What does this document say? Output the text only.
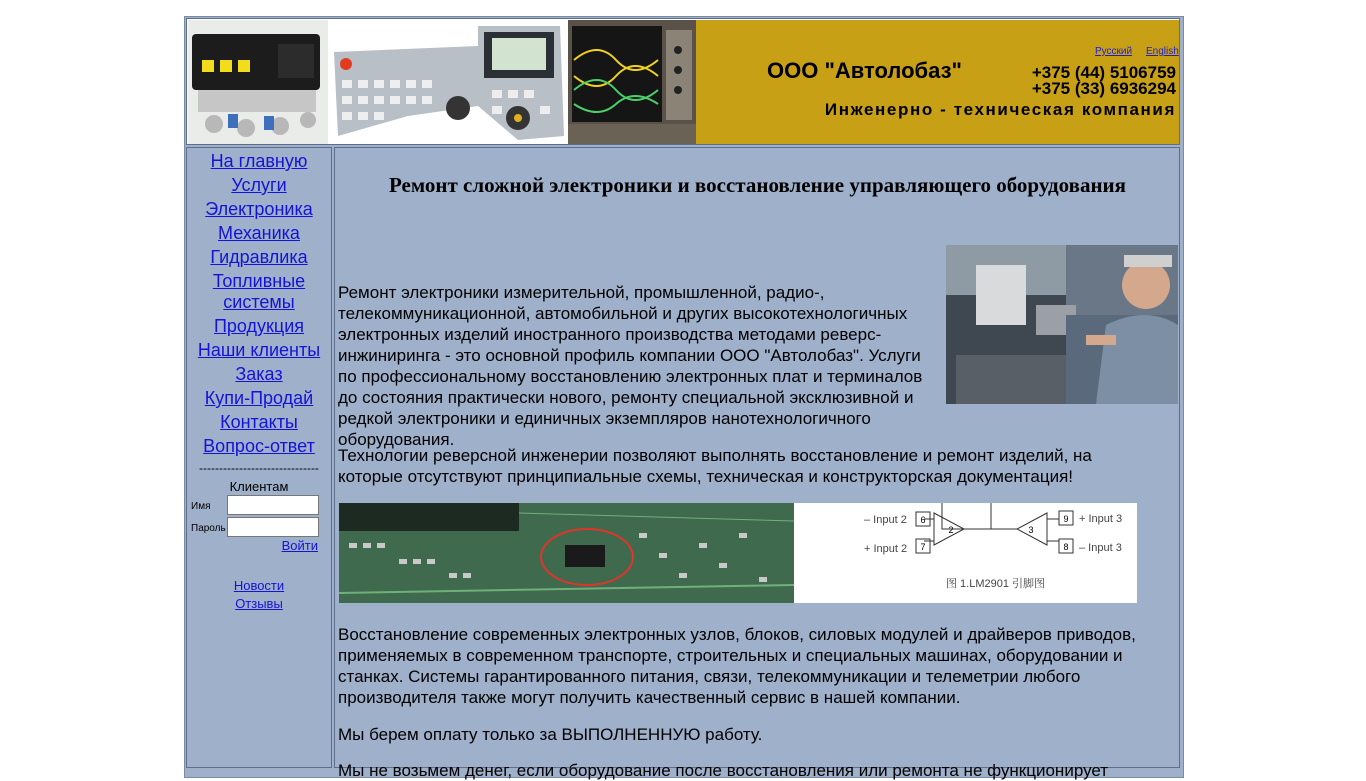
Русский English
ООО "Автолобаз"	+375 (44) 5106759
+375 (33) 6936294
Инженерно - техническая компания
На главную
Услуги
Электроника
Механика
Гидравлика
Топливные системы
Продукция
Наши клиенты
Заказ
Купи-Продай
Контакты
Вопрос-ответ
------------------------------
Клиентам
Имя
Пароль
Войти
Новости
Отзывы
Ремонт сложной электроники и восстановление управляющего оборудования

Ремонт электроники измерительной, промышленной, радио-, телекоммуникационной, автомобильной и других высокотехнологичных электронных изделий иностранного производства методами реверс-инжиниринга - это основной профиль компании ООО "Автолобаз". Услуги по профессиональному восстановлению электронных плат и терминалов до состояния практически нового, ремонту специальной эксклюзивной и редкой электроники и единичных экземпляров нанотехнологичного оборудования.

Технологии реверсной инженерии позволяют выполнять восстановление и ремонт изделий, на которые отсутствуют принципиальные схемы, техническая и конструкторская документация!

6
7
9
8
2	3
– Input 2
+ Input 2
+ Input 3
– Input 3
图 1.LM2901 引脚图

Восстановление современных электронных узлов, блоков, силовых модулей и драйверов приводов, применяемых в современном транспорте, строительных и специальных машинах, оборудовании и станках. Системы гарантированного питания, связи, телекоммуникации и телеметрии любого производителя также могут получить качественный сервис в нашей компании.

Мы берем оплату только за ВЫПОЛНЕННУЮ работу.

Мы не возьмем денег, если оборудование после восстановления или ремонта не функционирует
